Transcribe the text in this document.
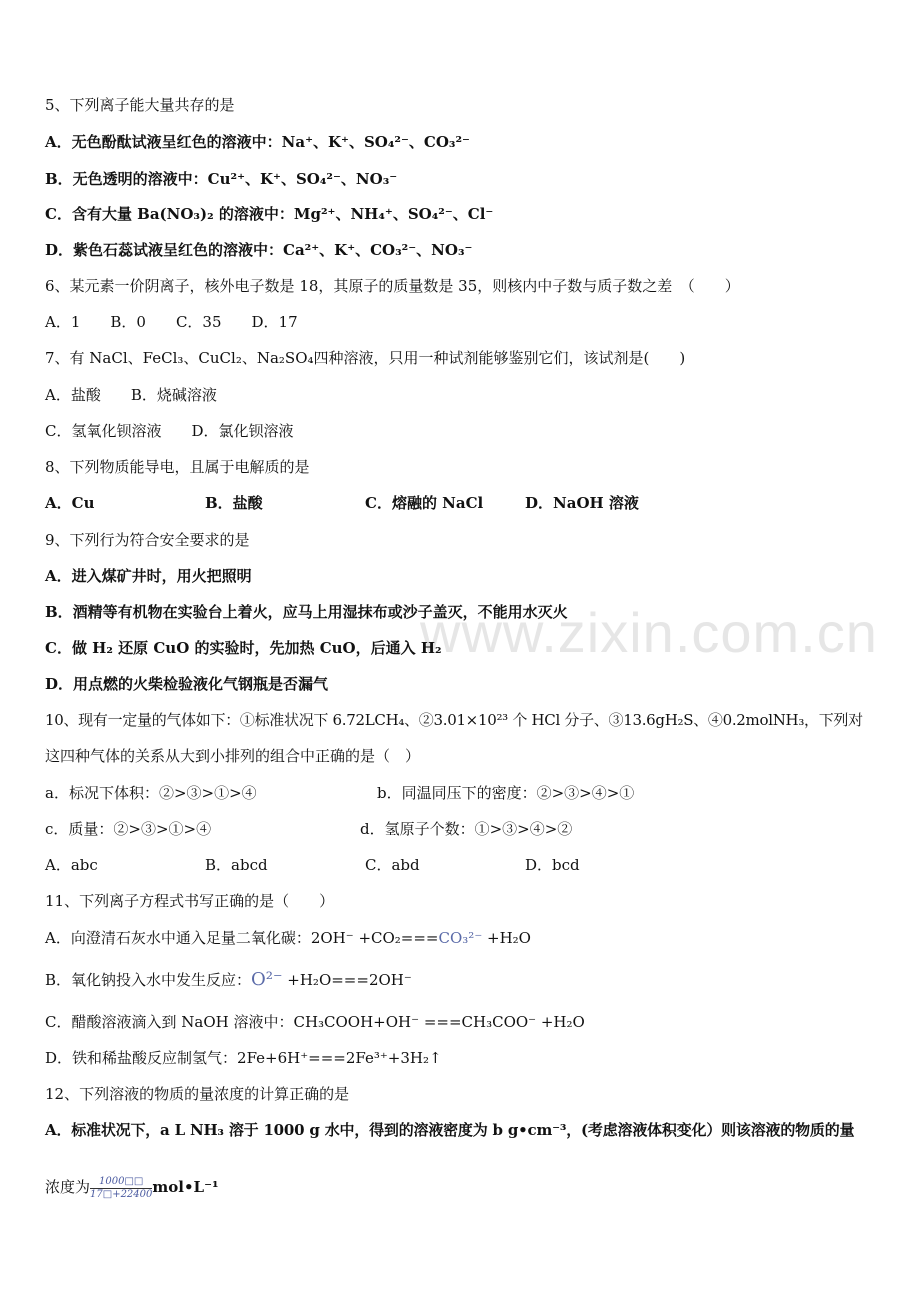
www.zixin.com.cn
5、下列离子能大量共存的是
A．无色酚酞试液呈红色的溶液中：Na⁺、K⁺、SO₄²⁻、CO₃²⁻
B．无色透明的溶液中：Cu²⁺、K⁺、SO₄²⁻、NO₃⁻
C．含有大量 Ba(NO₃)₂ 的溶液中：Mg²⁺、NH₄⁺、SO₄²⁻、Cl⁻
D．紫色石蕊试液呈红色的溶液中：Ca²⁺、K⁺、CO₃²⁻、NO₃⁻
6、某元素一价阴离子，核外电子数是 18，其原子的质量数是 35，则核内中子数与质子数之差　（　　）
A．1　　B．0　　C．35　　D．17
7、有 NaCl、FeCl₃、CuCl₂、Na₂SO₄四种溶液，只用一种试剂能够鉴别它们，该试剂是(　　)
A．盐酸　　B．烧碱溶液
C．氢氧化钡溶液　　D．氯化钡溶液
8、下列物质能导电，且属于电解质的是
A．Cu	B．盐酸	C．熔融的 NaCl	D．NaOH 溶液
9、下列行为符合安全要求的是
A．进入煤矿井时，用火把照明
B．酒精等有机物在实验台上着火，应马上用湿抹布或沙子盖灭，不能用水灭火
C．做 H₂ 还原 CuO 的实验时，先加热 CuO，后通入 H₂
D．用点燃的火柴检验液化气钢瓶是否漏气
10、现有一定量的气体如下：①标准状况下 6.72LCH₄、②3.01×10²³ 个 HCl 分子、③13.6gH₂S、④0.2molNH₃，下列对
这四种气体的关系从大到小排列的组合中正确的是（　）
a．标况下体积：②>③>①>④	b．同温同压下的密度：②>③>④>①
c．质量：②>③>①>④	d．氢原子个数：①>③>④>②
A．abc	B．abcd	C．abd	D．bcd
11、下列离子方程式书写正确的是（　　）
A．向澄清石灰水中通入足量二氧化碳：2OH⁻ +CO₂===CO₃²⁻ +H₂O
B．氧化钠投入水中发生反应：O²⁻ +H₂O===2OH⁻
C．醋酸溶液滴入到 NaOH 溶液中：CH₃COOH+OH⁻ ===CH₃COO⁻ +H₂O
D．铁和稀盐酸反应制氢气：2Fe+6H⁺===2Fe³⁺+3H₂↑
12、下列溶液的物质的量浓度的计算正确的是
A．标准状况下，a L NH₃ 溶于 1000 g 水中，得到的溶液密度为 b g•cm⁻³，(考虑溶液体积变化）则该溶液的物质的量
浓度为 $\frac{1000□□}{17□+22400}$ mol•L⁻¹
